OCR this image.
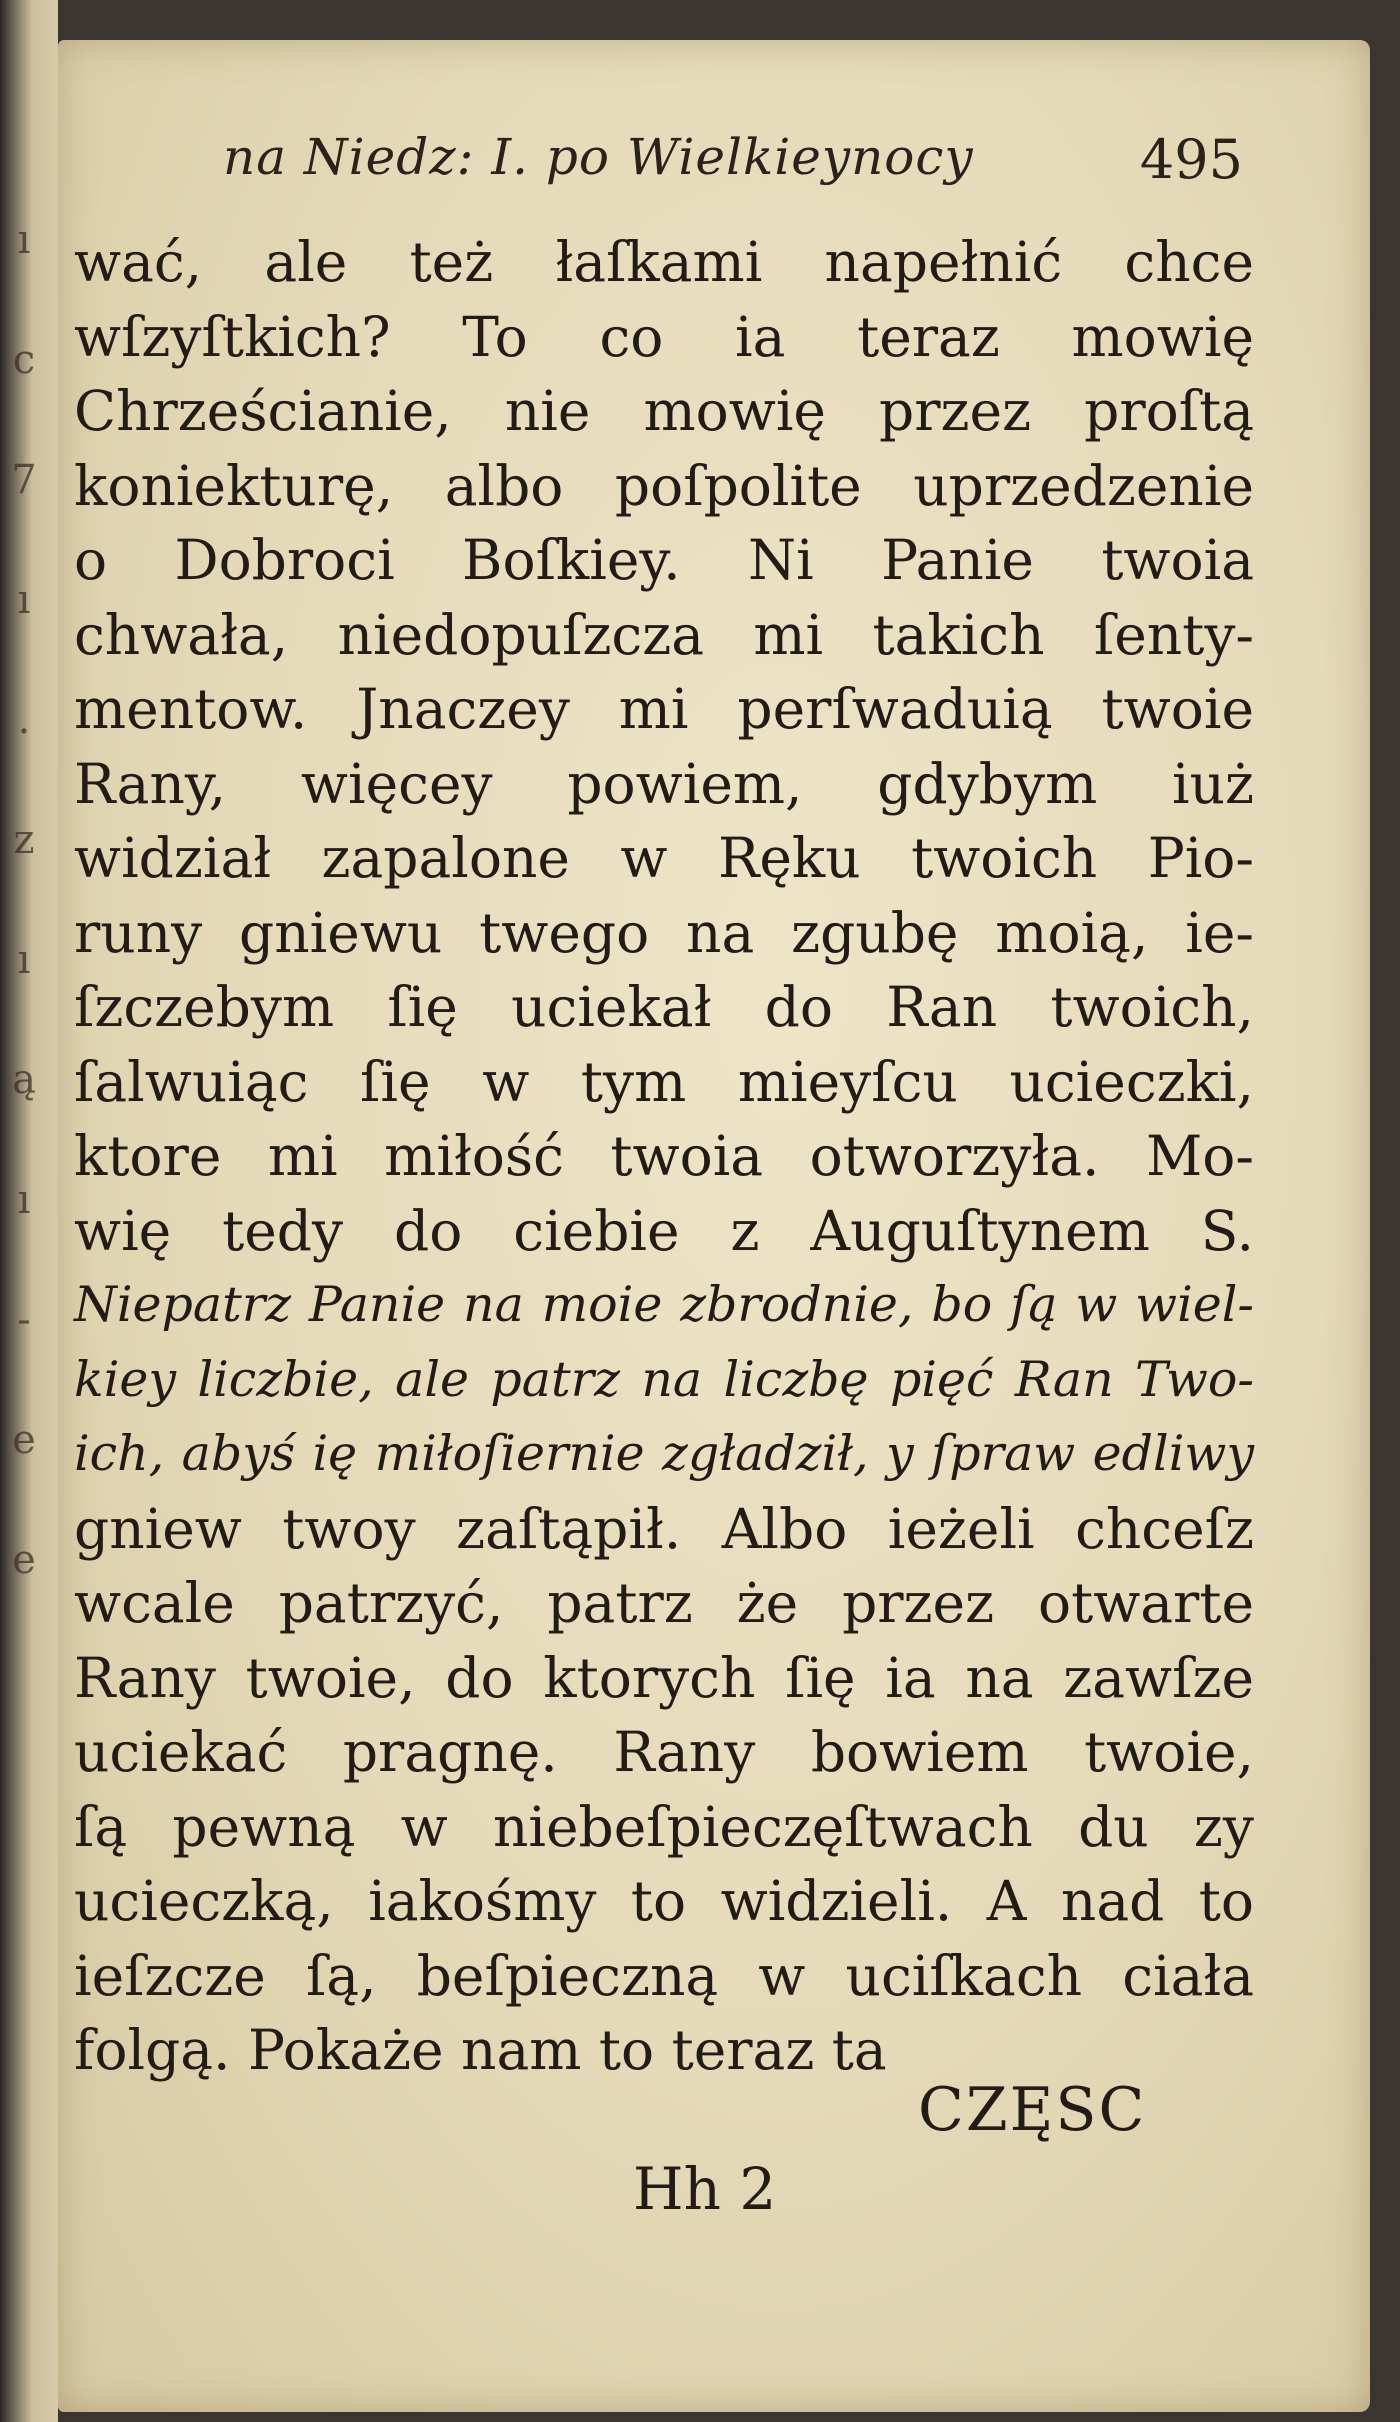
ı
c
7
ı
.
z
ı
ą
ı
-
e
e
na Niedz: I. po Wielkieynocy	495
wać, ale też łaſkami napełnić chce
wſzyſtkich? To co ia teraz mowię
Chrześcianie, nie mowię przez proſtą
koniekturę, albo poſpolite uprzedzenie
o Dobroci Boſkiey. Ni Panie twoia
chwała, niedopuſzcza mi takich ſenty-
mentow. Jnaczey mi perſwaduią twoie
Rany, więcey powiem, gdybym iuż
widział zapalone w Ręku twoich Pio-
runy gniewu twego na zgubę moią, ie-
ſzczebym ſię uciekał do Ran twoich,
ſalwuiąc ſię w tym mieyſcu ucieczki,
ktore mi miłość twoia otworzyła. Mo-
wię tedy do ciebie z Auguſtynem S.
Niepatrz Panie na moie zbrodnie, bo ſą w wiel-
kiey liczbie, ale patrz na liczbę pięć Ran Two-
ich, abyś ię miłoſiernie zgładził, y ſpraw edliwy
gniew twoy zaſtąpił. Albo ieżeli chceſz
wcale patrzyć, patrz że przez otwarte
Rany twoie, do ktorych ſię ia na zawſze
uciekać pragnę. Rany bowiem twoie,
ſą pewną w niebeſpieczęſtwach du zy
ucieczką, iakośmy to widzieli. A nad to
ieſzcze ſą, beſpieczną w uciſkach ciała
folgą. Pokaże nam to teraz ta
CZĘSC
Hh 2
